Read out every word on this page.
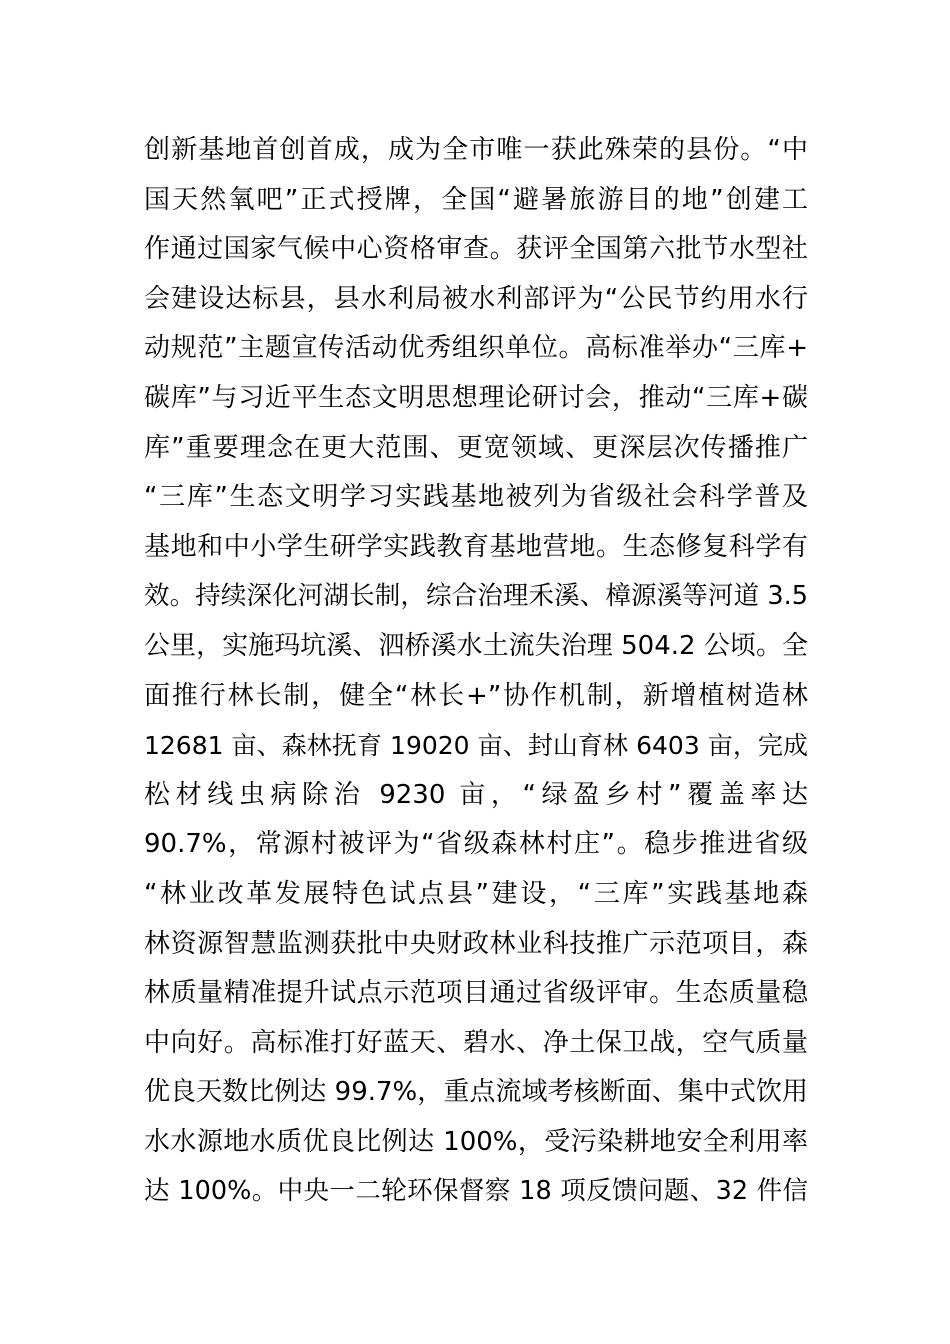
创新基地首创首成，成为全市唯一获此殊荣的县份。“中
国天然氧吧”正式授牌，全国“避暑旅游目的地”创建工
作通过国家气候中心资格审查。获评全国第六批节水型社
会建设达标县，县水利局被水利部评为“公民节约用水行
动规范”主题宣传活动优秀组织单位。高标准举办“三库+
碳库”与习近平生态文明思想理论研讨会，推动“三库+碳
库”重要理念在更大范围、更宽领域、更深层次传播推广
“三库”生态文明学习实践基地被列为省级社会科学普及
基地和中小学生研学实践教育基地营地。生态修复科学有
效。持续深化河湖长制，综合治理禾溪、樟源溪等河道 3.5
公里，实施玛坑溪、泗桥溪水土流失治理 504.2 公顷。全
面推行林长制，健全“林长+”协作机制，新增植树造林
12681 亩、森林抚育 19020 亩、封山育林 6403 亩，完成
松材线虫病除治 9230 亩，“绿盈乡村”覆盖率达
90.7%，常源村被评为“省级森林村庄”。稳步推进省级
“林业改革发展特色试点县”建设，“三库”实践基地森
林资源智慧监测获批中央财政林业科技推广示范项目，森
林质量精准提升试点示范项目通过省级评审。生态质量稳
中向好。高标准打好蓝天、碧水、净土保卫战，空气质量
优良天数比例达 99.7%，重点流域考核断面、集中式饮用
水水源地水质优良比例达 100%，受污染耕地安全利用率
达 100%。中央一二轮环保督察 18 项反馈问题、32 件信
